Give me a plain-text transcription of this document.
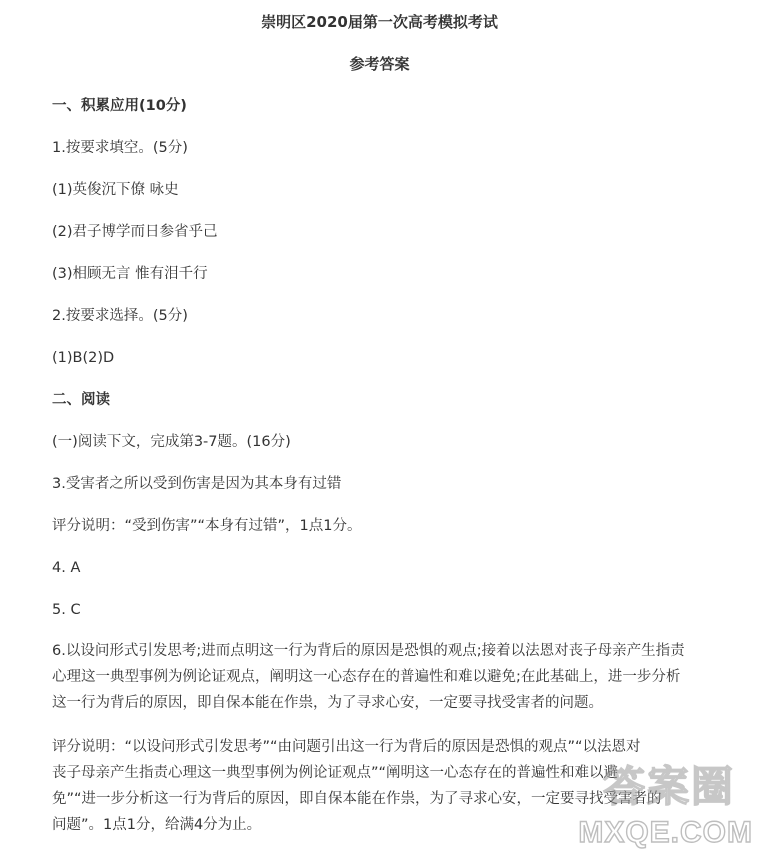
崇明区2020届第一次高考模拟考试
参考答案
一、积累应用(10分)
1.按要求填空。(5分)
(1)英俊沉下僚 咏史
(2)君子博学而日参省乎己
(3)相顾无言 惟有泪千行
2.按要求选择。(5分)
(1)B(2)D
二、阅读
(一)阅读下文，完成第3-7题。(16分)
3.受害者之所以受到伤害是因为其本身有过错
评分说明：“受到伤害”“本身有过错”，1点1分。
4. A
5. C
6.以设问形式引发思考;进而点明这一行为背后的原因是恐惧的观点;接着以法恩对丧子母亲产生指责
心理这一典型事例为例论证观点，阐明这一心态存在的普遍性和难以避免;在此基础上，进一步分析
这一行为背后的原因，即自保本能在作祟，为了寻求心安，一定要寻找受害者的问题。
评分说明：“以设问形式引发思考”“由问题引出这一行为背后的原因是恐惧的观点”“以法恩对
丧子母亲产生指责心理这一典型事例为例论证观点”“阐明这一心态存在的普遍性和难以避
免”“进一步分析这一行为背后的原因，即自保本能在作祟，为了寻求心安，一定要寻找受害者的
问题”。1点1分，给满4分为止。
答案圈
MXQE.COM
